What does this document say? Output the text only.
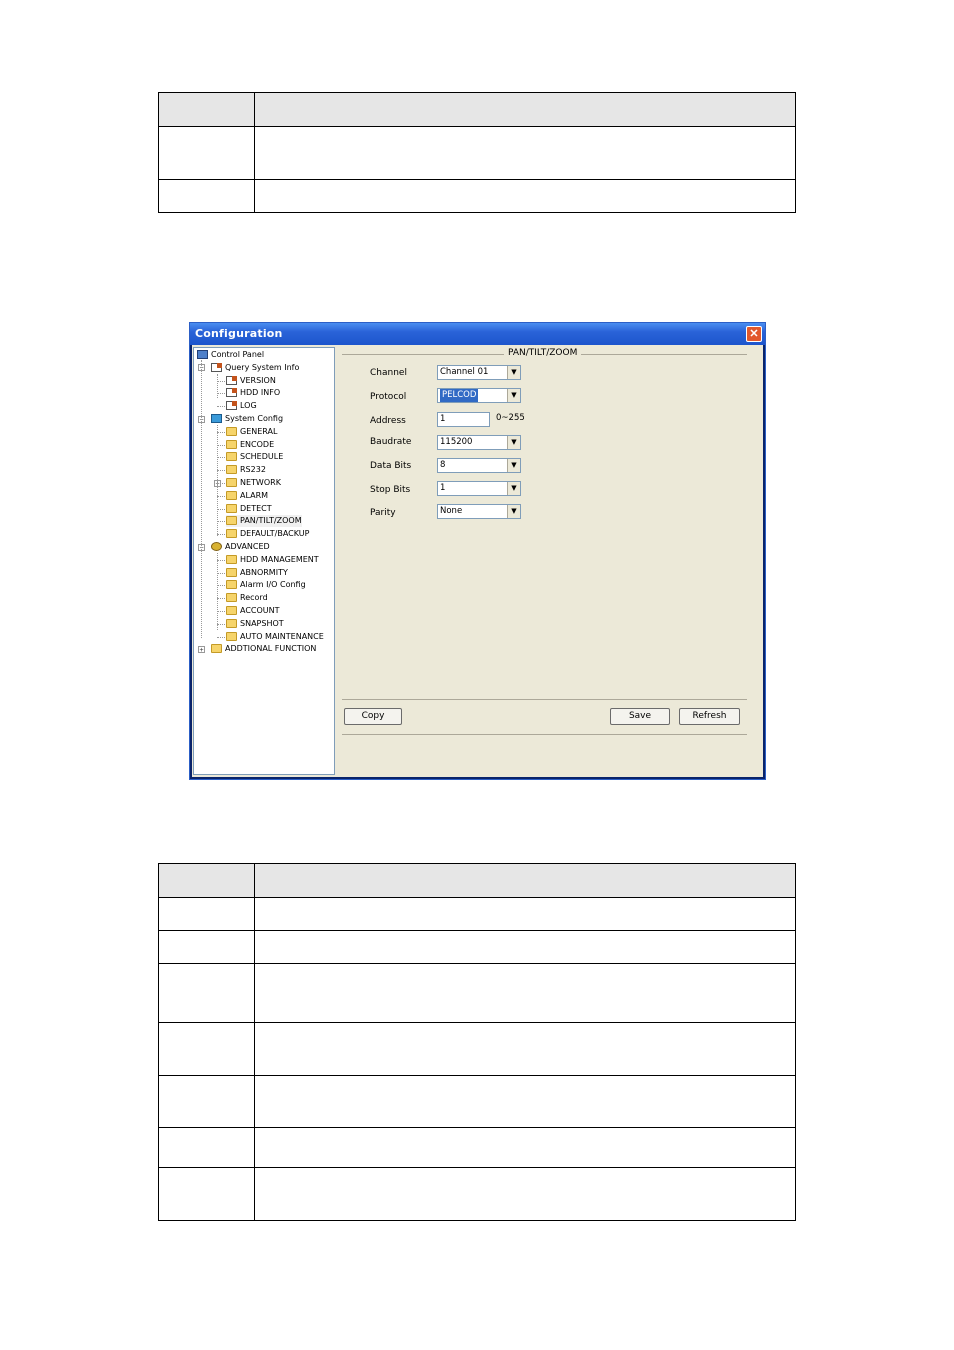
Configuration	✕
Control Panel
Query System Info
−
VERSION
HDD INFO
LOG
System Config
−
GENERAL
ENCODE
SCHEDULE
RS232
NETWORK
+
ALARM
DETECT
PAN/TILT/ZOOM
DEFAULT/BACKUP
ADVANCED
−
HDD MANAGEMENT
ABNORMITY
Alarm I/O Config
Record
ACCOUNT
SNAPSHOT
AUTO MAINTENANCE
ADDTIONAL FUNCTION
+
PAN/TILT/ZOOM
Channel	Channel 01	▼
Protocol	PELCOD	▼
Address	1	0~255
Baudrate	115200	▼
Data Bits	8	▼
Stop Bits	1	▼
Parity	None	▼
Copy	Save	Refresh
